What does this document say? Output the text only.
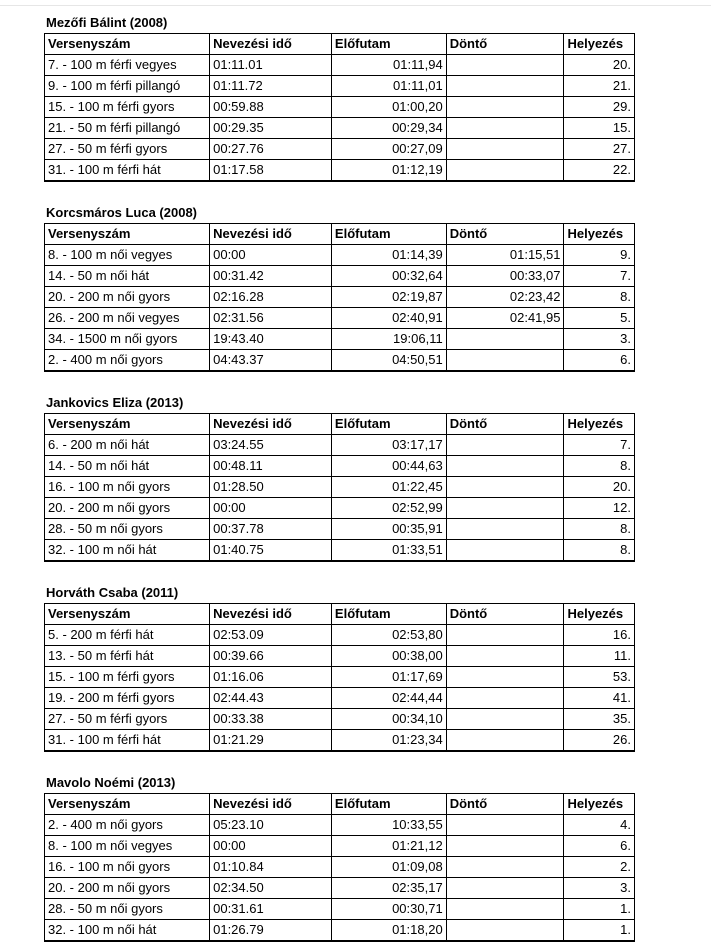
Mezőfi Bálint (2008)
Versenyszám	Nevezési idő	Előfutam	Döntő	Helyezés
7. - 100 m férfi vegyes	01:11.01	01:11,94		20.
9. - 100 m férfi pillangó	01:11.72	01:11,01		21.
15. - 100 m férfi gyors	00:59.88	01:00,20		29.
21. - 50 m férfi pillangó	00:29.35	00:29,34		15.
27. - 50 m férfi gyors	00:27.76	00:27,09		27.
31. - 100 m férfi hát	01:17.58	01:12,19		22.
Korcsmáros Luca (2008)
Versenyszám	Nevezési idő	Előfutam	Döntő	Helyezés
8. - 100 m női vegyes	00:00	01:14,39	01:15,51	9.
14. - 50 m női hát	00:31.42	00:32,64	00:33,07	7.
20. - 200 m női gyors	02:16.28	02:19,87	02:23,42	8.
26. - 200 m női vegyes	02:31.56	02:40,91	02:41,95	5.
34. - 1500 m női gyors	19:43.40	19:06,11		3.
2. - 400 m női gyors	04:43.37	04:50,51		6.
Jankovics Eliza (2013)
Versenyszám	Nevezési idő	Előfutam	Döntő	Helyezés
6. - 200 m női hát	03:24.55	03:17,17		7.
14. - 50 m női hát	00:48.11	00:44,63		8.
16. - 100 m női gyors	01:28.50	01:22,45		20.
20. - 200 m női gyors	00:00	02:52,99		12.
28. - 50 m női gyors	00:37.78	00:35,91		8.
32. - 100 m női hát	01:40.75	01:33,51		8.
Horváth Csaba (2011)
Versenyszám	Nevezési idő	Előfutam	Döntő	Helyezés
5. - 200 m férfi hát	02:53.09	02:53,80		16.
13. - 50 m férfi hát	00:39.66	00:38,00		11.
15. - 100 m férfi gyors	01:16.06	01:17,69		53.
19. - 200 m férfi gyors	02:44.43	02:44,44		41.
27. - 50 m férfi gyors	00:33.38	00:34,10		35.
31. - 100 m férfi hát	01:21.29	01:23,34		26.
Mavolo Noémi (2013)
Versenyszám	Nevezési idő	Előfutam	Döntő	Helyezés
2. - 400 m női gyors	05:23.10	10:33,55		4.
8. - 100 m női vegyes	00:00	01:21,12		6.
16. - 100 m női gyors	01:10.84	01:09,08		2.
20. - 200 m női gyors	02:34.50	02:35,17		3.
28. - 50 m női gyors	00:31.61	00:30,71		1.
32. - 100 m női hát	01:26.79	01:18,20		1.
